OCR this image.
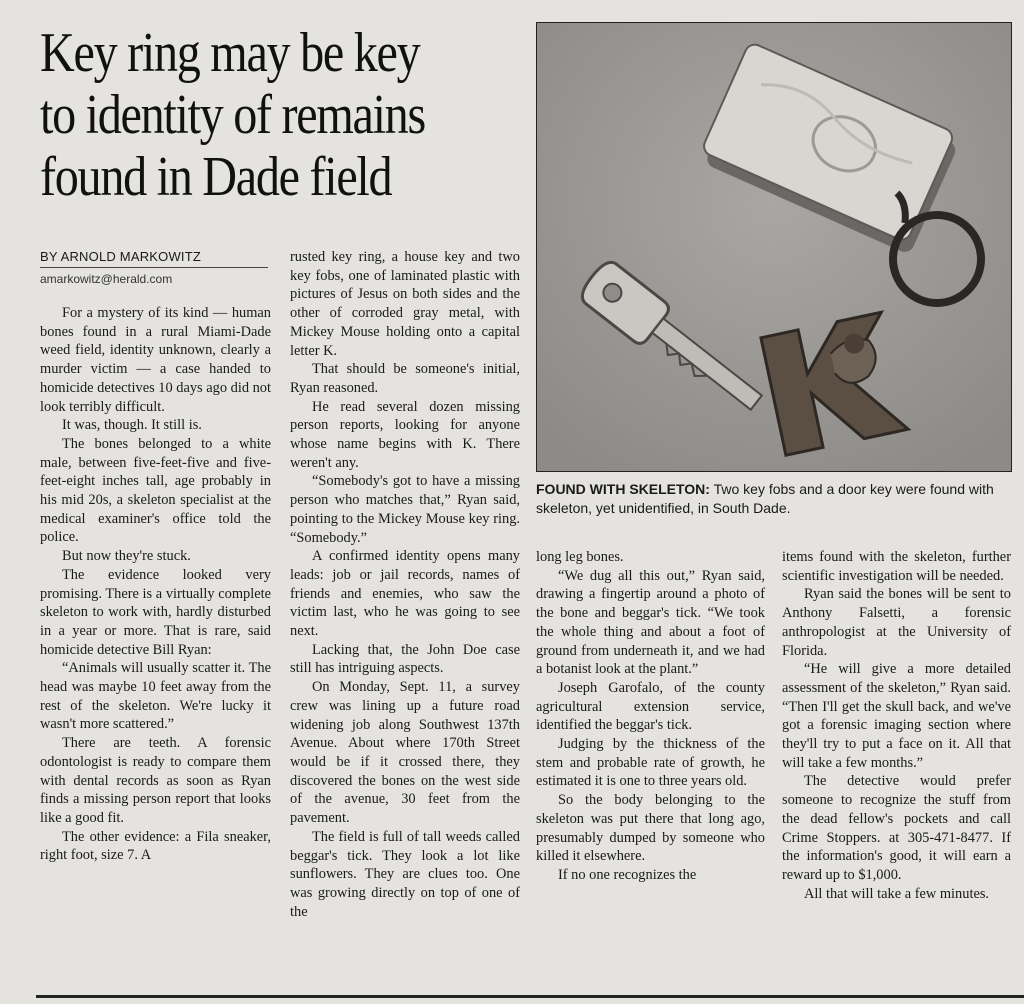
Key ring may be key to identity of remains found in Dade field
BY ARNOLD MARKOWITZ
amarkowitz@herald.com

For a mystery of its kind — human bones found in a rural Miami-Dade weed field, identity unknown, clearly a murder victim — a case handed to homicide detectives 10 days ago did not look terribly difficult.

It was, though. It still is.

The bones belonged to a white male, between five-feet-five and five-feet-eight inches tall, age probably in his mid 20s, a skeleton specialist at the medical examiner's office told the police.

But now they're stuck.

The evidence looked very promising. There is a virtually complete skeleton to work with, hardly disturbed in a year or more. That is rare, said homicide detective Bill Ryan:

“Animals will usually scatter it. The head was maybe 10 feet away from the rest of the skeleton. We're lucky it wasn't more scattered.”

There are teeth. A forensic odontologist is ready to compare them with dental records as soon as Ryan finds a missing person report that looks like a good fit.

The other evidence: a Fila sneaker, right foot, size 7. A

rusted key ring, a house key and two key fobs, one of laminated plastic with pictures of Jesus on both sides and the other of corroded gray metal, with Mickey Mouse holding onto a capital letter K.

That should be someone's initial, Ryan reasoned.

He read several dozen missing person reports, looking for anyone whose name begins with K. There weren't any.

“Somebody's got to have a missing person who matches that,” Ryan said, pointing to the Mickey Mouse key ring. “Somebody.”

A confirmed identity opens many leads: job or jail records, names of friends and enemies, who saw the victim last, who he was going to see next.

Lacking that, the John Doe case still has intriguing aspects.

On Monday, Sept. 11, a survey crew was lining up a future road widening job along Southwest 137th Avenue. About where 170th Street would be if it crossed there, they discovered the bones on the west side of the avenue, 30 feet from the pavement.

The field is full of tall weeds called beggar's tick. They look a lot like sunflowers. They are clues too. One was growing directly on top of one of the

FOUND WITH SKELETON: Two key fobs and a door key were found with skeleton, yet unidentified, in South Dade.

long leg bones.

“We dug all this out,” Ryan said, drawing a fingertip around a photo of the bone and beggar's tick. “We took the whole thing and about a foot of ground from underneath it, and we had a botanist look at the plant.”

Joseph Garofalo, of the county agricultural extension service, identified the beggar's tick.

Judging by the thickness of the stem and probable rate of growth, he estimated it is one to three years old.

So the body belonging to the skeleton was put there that long ago, presumably dumped by someone who killed it elsewhere.

If no one recognizes the

items found with the skeleton, further scientific investigation will be needed.

Ryan said the bones will be sent to Anthony Falsetti, a forensic anthropologist at the University of Florida.

“He will give a more detailed assessment of the skeleton,” Ryan said. “Then I'll get the skull back, and we've got a forensic imaging section where they'll try to put a face on it. All that will take a few months.”

The detective would prefer someone to recognize the stuff from the dead fellow's pockets and call Crime Stoppers. at 305-471-8477. If the information's good, it will earn a reward up to $1,000.

All that will take a few minutes.
